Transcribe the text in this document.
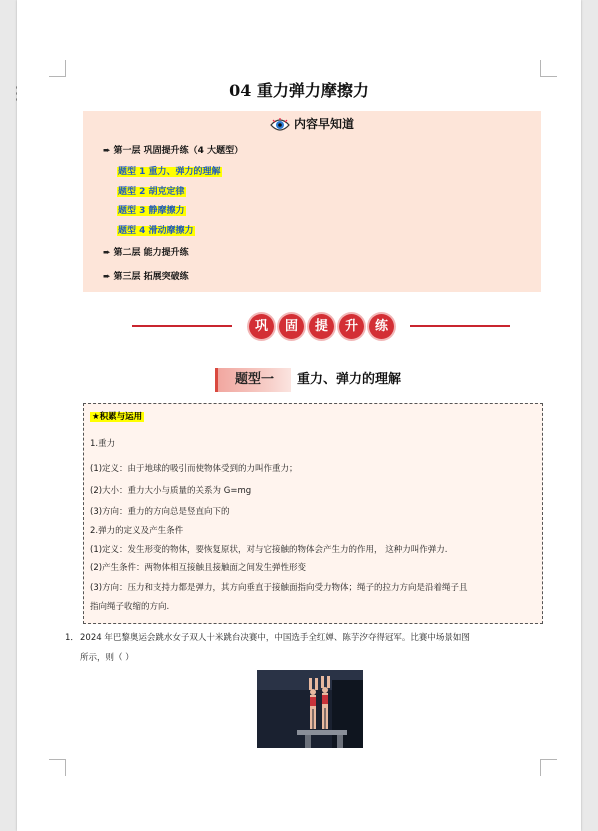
04 重力弹力摩擦力
内容早知道
➨ 第一层 巩固提升练（4 大题型）
题型 1 重力、弹力的理解
题型 2 胡克定律
题型 3 静摩擦力
题型 4 滑动摩擦力
➨ 第二层 能力提升练
➨ 第三层 拓展突破练
巩	固	提	升	练
题型一	重力、弹力的理解
★积累与运用
1.重力
(1)定义：由于地球的吸引而使物体受到的力叫作重力；
(2)大小：重力大小与质量的关系为 G=mg
(3)方向：重力的方向总是竖直向下的
2.弹力的定义及产生条件
(1)定义：发生形变的物体，要恢复原状，对与它接触的物体会产生力的作用， 这种力叫作弹力.
(2)产生条件：两物体相互接触且接触面之间发生弹性形变
(3)方向：压力和支持力都是弹力，其方向垂直于接触面指向受力物体；绳子的拉力方向是沿着绳子且
指向绳子收缩的方向.
1． 2024 年巴黎奥运会跳水女子双人十米跳台决赛中，中国选手全红婵、陈芋汐夺得冠军。比赛中场景如图
所示，则（ ）
